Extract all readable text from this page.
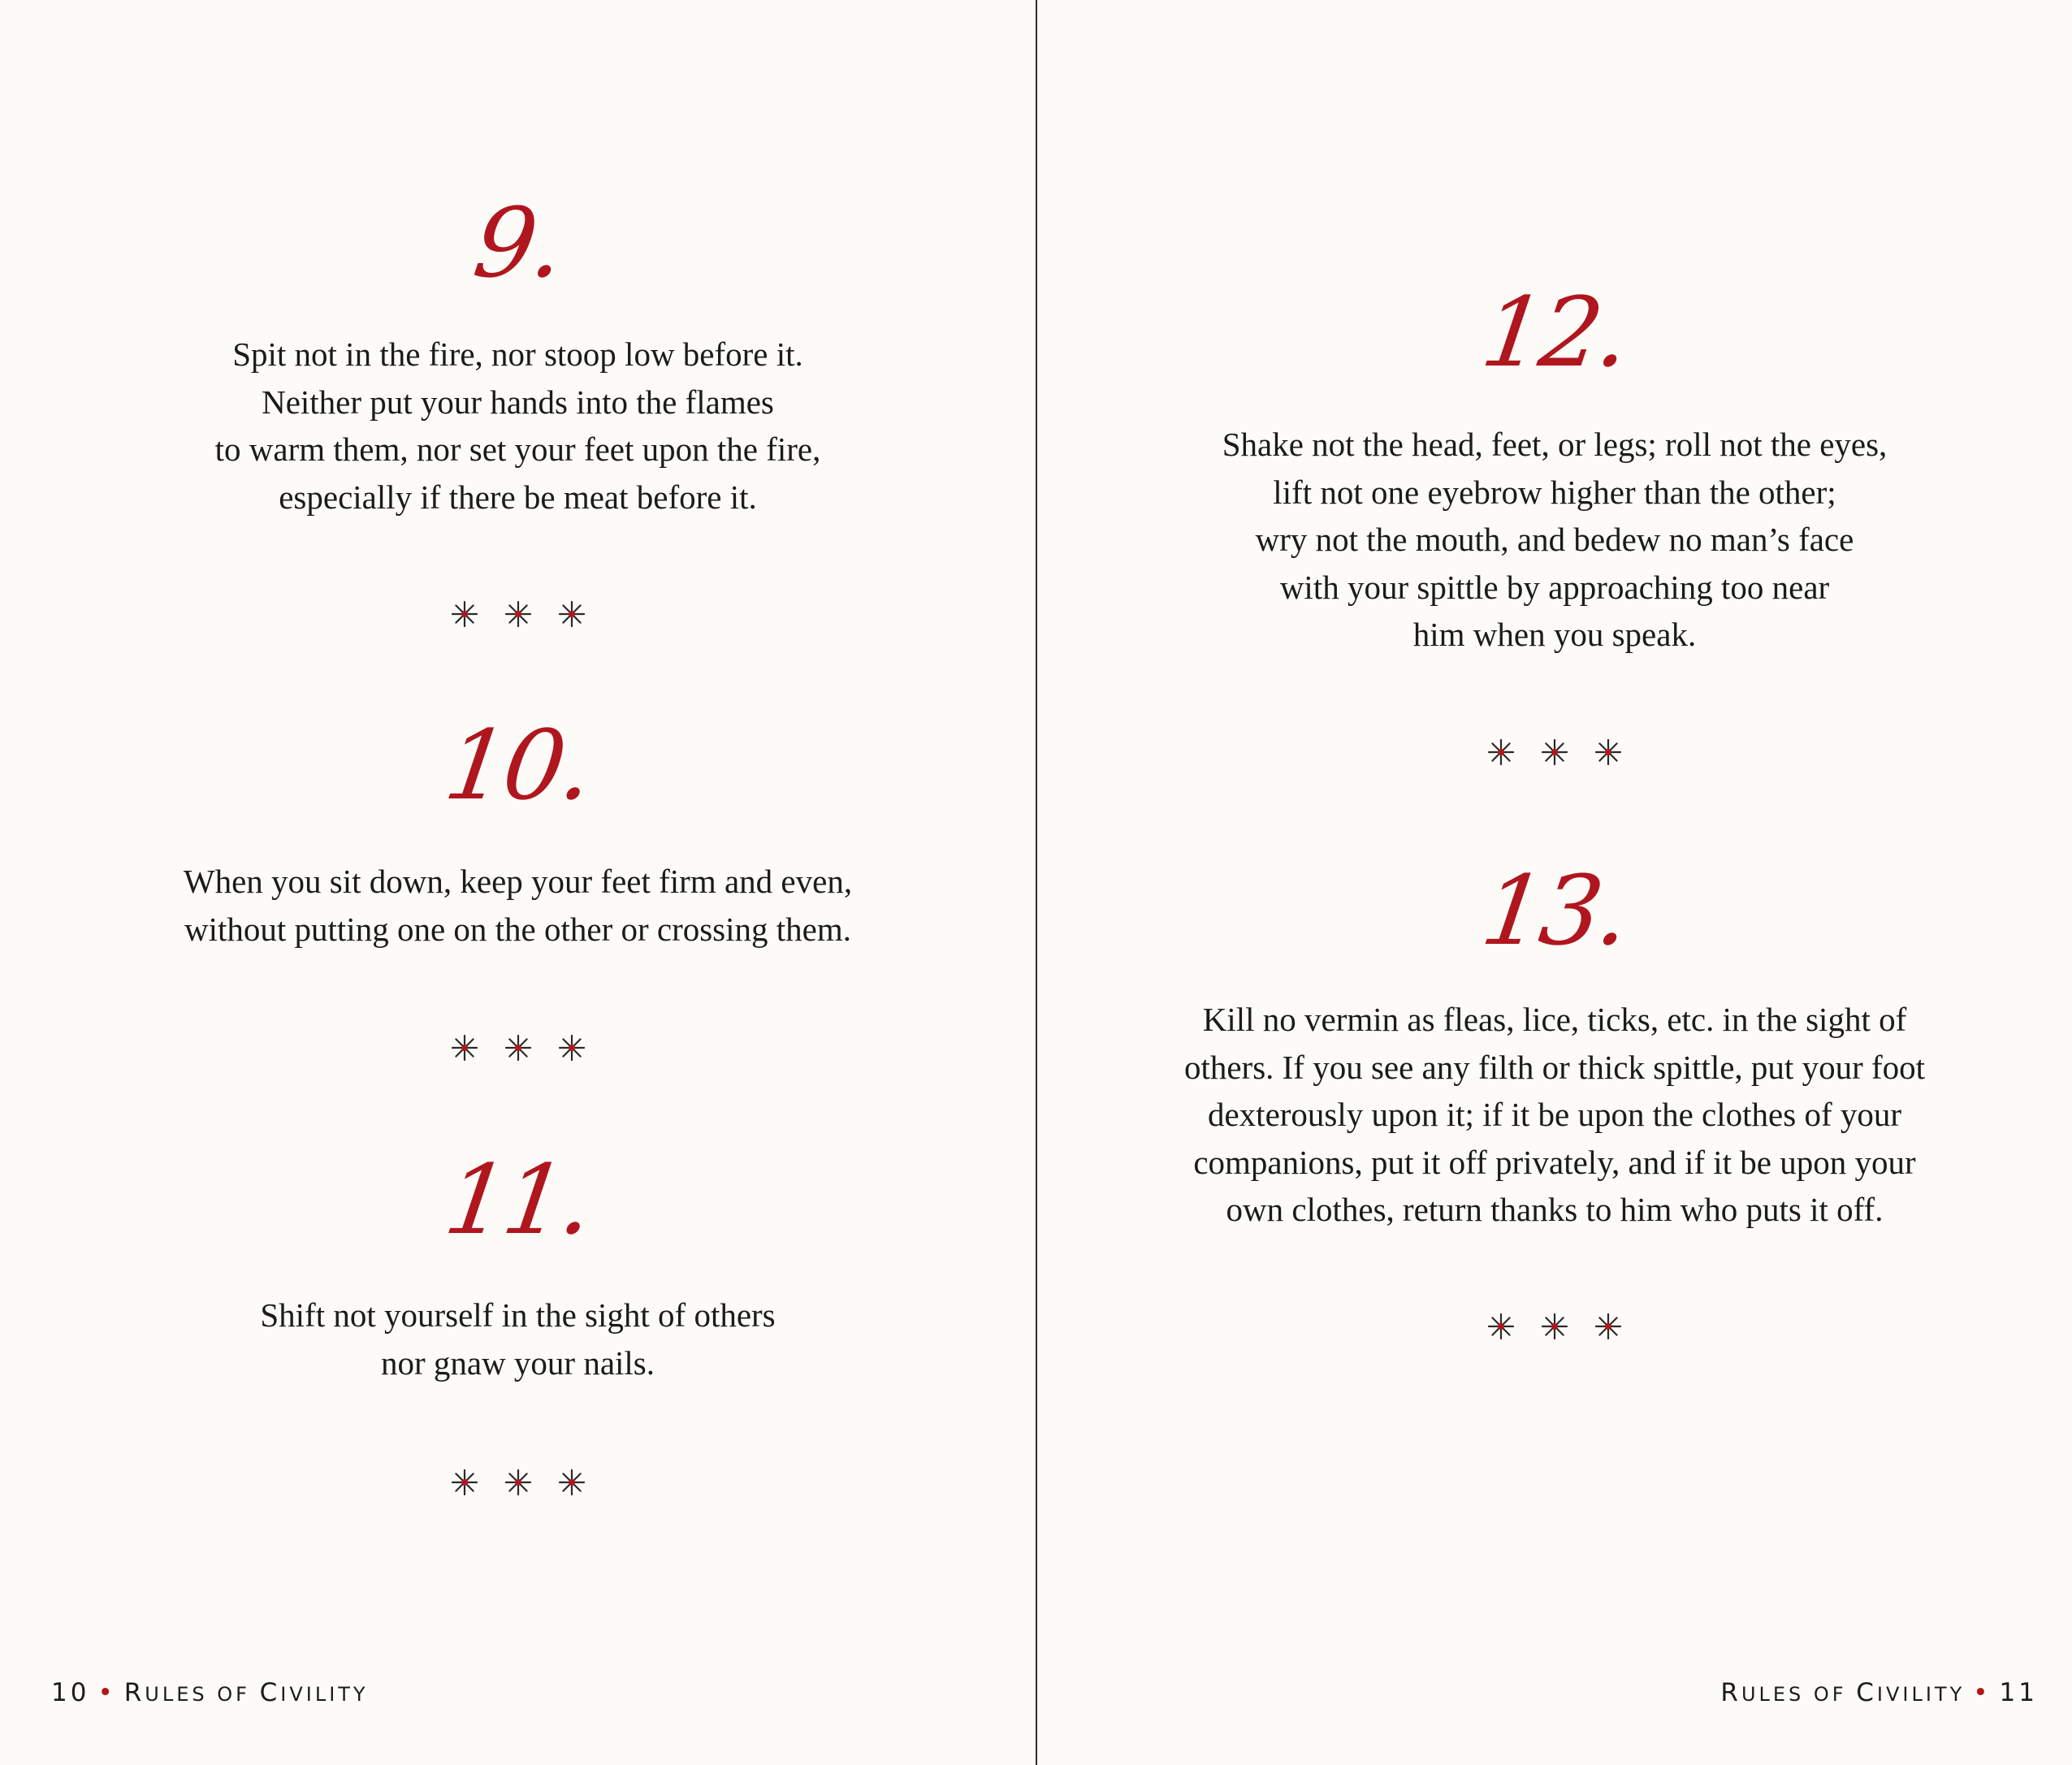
9.
Spit not in the fire, nor stoop low before it.
Neither put your hands into the flames
to warm them, nor set your feet upon the fire,
especially if there be meat before it.
10.
When you sit down, keep your feet firm and even,
without putting one on the other or crossing them.
11.
Shift not yourself in the sight of others
nor gnaw your nails.
10 • RULES OF CIVILITY
12.
Shake not the head, feet, or legs; roll not the eyes,
lift not one eyebrow higher than the other;
wry not the mouth, and bedew no man’s face
with your spittle by approaching too near
him when you speak.
13.
Kill no vermin as fleas, lice, ticks, etc. in the sight of
others. If you see any filth or thick spittle, put your foot
dexterously upon it; if it be upon the clothes of your
companions, put it off privately, and if it be upon your
own clothes, return thanks to him who puts it off.
RULES OF CIVILITY • 11
